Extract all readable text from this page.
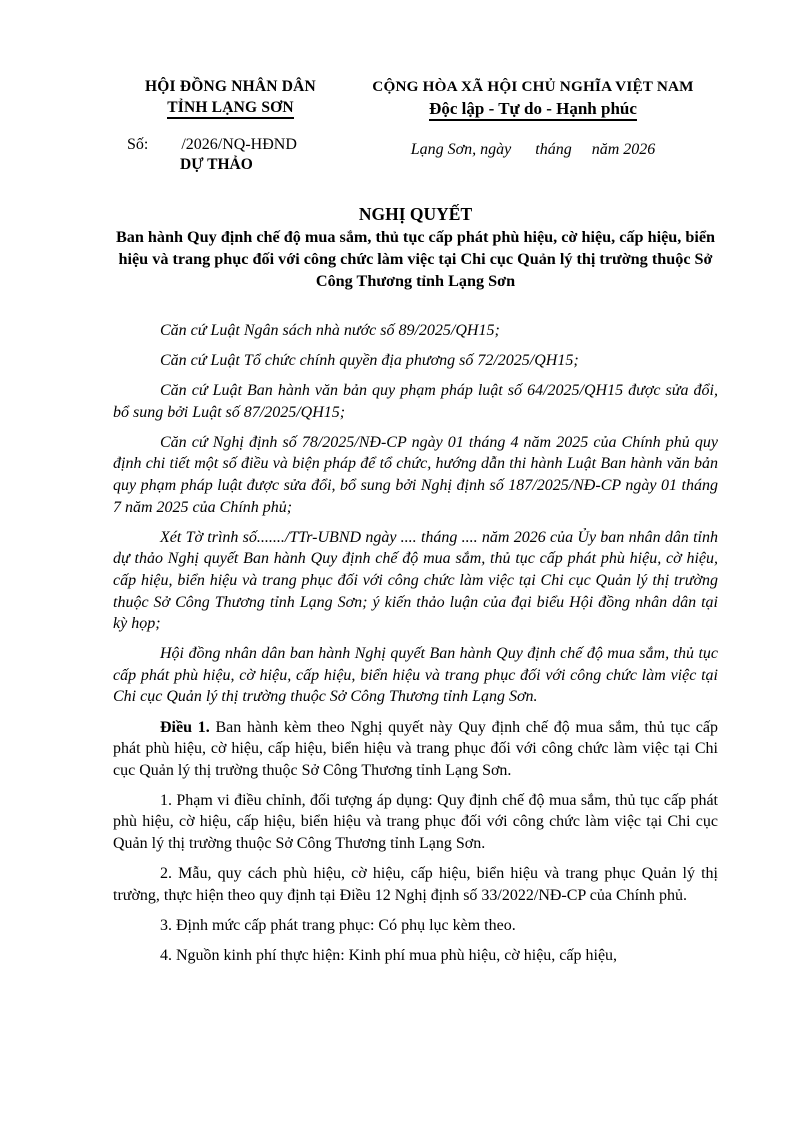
HỘI ĐỒNG NHÂN DÂN
TỈNH LẠNG SƠN
Số: /2026/NQ-HĐND
DỰ THẢO
CỘNG HÒA XÃ HỘI CHỦ NGHĨA VIỆT NAM
Độc lập - Tự do - Hạnh phúc
Lạng Sơn, ngày      tháng     năm 2026
NGHỊ QUYẾT
Ban hành Quy định chế độ mua sắm, thủ tục cấp phát phù hiệu, cờ hiệu, cấp hiệu, biển hiệu và trang phục đối với công chức làm việc tại Chi cục Quản lý thị trường thuộc Sở Công Thương tỉnh Lạng Sơn

Căn cứ Luật Ngân sách nhà nước số 89/2025/QH15;

Căn cứ Luật Tổ chức chính quyền địa phương số 72/2025/QH15;

Căn cứ Luật Ban hành văn bản quy phạm pháp luật số 64/2025/QH15 được sửa đổi, bổ sung bởi Luật số 87/2025/QH15;

Căn cứ Nghị định số 78/2025/NĐ-CP ngày 01 tháng 4 năm 2025 của Chính phủ quy định chi tiết một số điều và biện pháp để tổ chức, hướng dẫn thi hành Luật Ban hành văn bản quy phạm pháp luật được sửa đổi, bổ sung bởi Nghị định số 187/2025/NĐ-CP ngày 01 tháng 7 năm 2025 của Chính phủ;

Xét Tờ trình số......./TTr-UBND ngày .... tháng .... năm 2026 của Ủy ban nhân dân tỉnh dự thảo Nghị quyết Ban hành Quy định chế độ mua sắm, thủ tục cấp phát phù hiệu, cờ hiệu, cấp hiệu, biển hiệu và trang phục đối với công chức làm việc tại Chi cục Quản lý thị trường thuộc Sở Công Thương tỉnh Lạng Sơn; ý kiến thảo luận của đại biểu Hội đồng nhân dân tại kỳ họp;

Hội đồng nhân dân ban hành Nghị quyết Ban hành Quy định chế độ mua sắm, thủ tục cấp phát phù hiệu, cờ hiệu, cấp hiệu, biển hiệu và trang phục đối với công chức làm việc tại Chi cục Quản lý thị trường thuộc Sở Công Thương tỉnh Lạng Sơn.

Điều 1. Ban hành kèm theo Nghị quyết này Quy định chế độ mua sắm, thủ tục cấp phát phù hiệu, cờ hiệu, cấp hiệu, biển hiệu và trang phục đối với công chức làm việc tại Chi cục Quản lý thị trường thuộc Sở Công Thương tỉnh Lạng Sơn.

1. Phạm vi điều chỉnh, đối tượng áp dụng: Quy định chế độ mua sắm, thủ tục cấp phát phù hiệu, cờ hiệu, cấp hiệu, biển hiệu và trang phục đối với công chức làm việc tại Chi cục Quản lý thị trường thuộc Sở Công Thương tỉnh Lạng Sơn.

2. Mẫu, quy cách phù hiệu, cờ hiệu, cấp hiệu, biển hiệu và trang phục Quản lý thị trường, thực hiện theo quy định tại Điều 12 Nghị định số 33/2022/NĐ-CP của Chính phủ.

3. Định mức cấp phát trang phục: Có phụ lục kèm theo.

4. Nguồn kinh phí thực hiện: Kinh phí mua phù hiệu, cờ hiệu, cấp hiệu,
